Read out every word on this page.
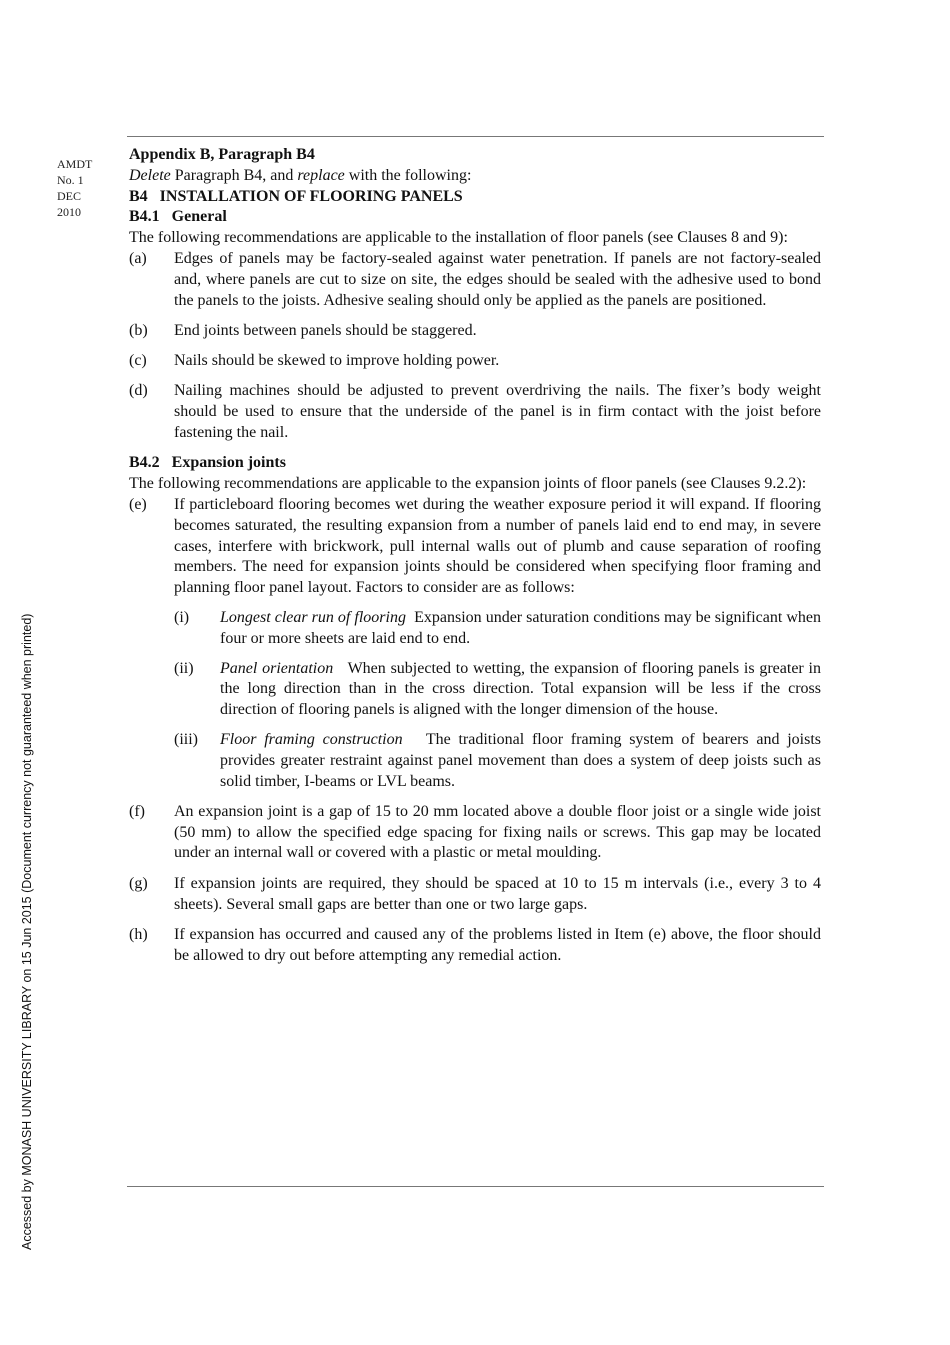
AMDT
No. 1
DEC
2010
Accessed by MONASH UNIVERSITY LIBRARY on 15 Jun 2015 (Document currency not guaranteed when printed)

Appendix B, Paragraph B4

Delete Paragraph B4, and replace with the following:

B4   INSTALLATION OF FLOORING PANELS

B4.1   General

The following recommendations are applicable to the installation of floor panels (see Clauses 8 and 9):

(a) Edges of panels may be factory-sealed against water penetration. If panels are not factory-sealed and, where panels are cut to size on site, the edges should be sealed with the adhesive used to bond the panels to the joists. Adhesive sealing should only be applied as the panels are positioned.

(b) End joints between panels should be staggered.

(c) Nails should be skewed to improve holding power.

(d) Nailing machines should be adjusted to prevent overdriving the nails. The fixer’s body weight should be used to ensure that the underside of the panel is in firm contact with the joist before fastening the nail.

B4.2   Expansion joints

The following recommendations are applicable to the expansion joints of floor panels (see Clauses 9.2.2):

(e) If particleboard flooring becomes wet during the weather exposure period it will expand. If flooring becomes saturated, the resulting expansion from a number of panels laid end to end may, in severe cases, interfere with brickwork, pull internal walls out of plumb and cause separation of roofing members. The need for expansion joints should be considered when specifying floor framing and planning floor panel layout. Factors to consider are as follows:

(i) Longest clear run of flooring Expansion under saturation conditions may be significant when four or more sheets are laid end to end.

(ii) Panel orientation When subjected to wetting, the expansion of flooring panels is greater in the long direction than in the cross direction. Total expansion will be less if the cross direction of flooring panels is aligned with the longer dimension of the house.

(iii) Floor framing construction The traditional floor framing system of bearers and joists provides greater restraint against panel movement than does a system of deep joists such as solid timber, I-beams or LVL beams.

(f) An expansion joint is a gap of 15 to 20 mm located above a double floor joist or a single wide joist (50 mm) to allow the specified edge spacing for fixing nails or screws. This gap may be located under an internal wall or covered with a plastic or metal moulding.

(g) If expansion joints are required, they should be spaced at 10 to 15 m intervals (i.e., every 3 to 4 sheets). Several small gaps are better than one or two large gaps.

(h) If expansion has occurred and caused any of the problems listed in Item (e) above, the floor should be allowed to dry out before attempting any remedial action.
